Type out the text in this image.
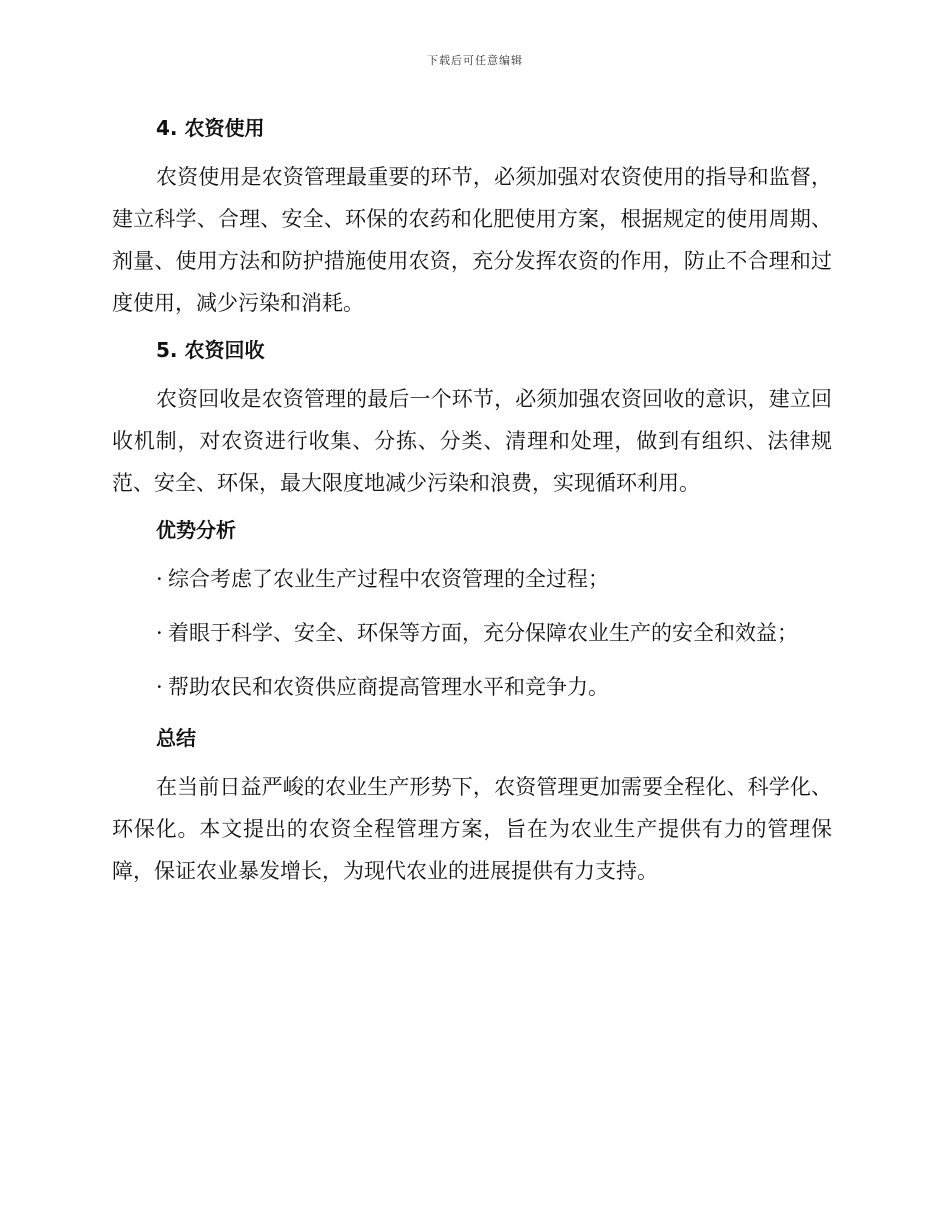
下载后可任意编辑
4. 农资使用

农资使用是农资管理最重要的环节，必须加强对农资使用的指导和监督，建立科学、合理、安全、环保的农药和化肥使用方案，根据规定的使用周期、剂量、使用方法和防护措施使用农资，充分发挥农资的作用，防止不合理和过度使用，减少污染和消耗。

5. 农资回收

农资回收是农资管理的最后一个环节，必须加强农资回收的意识，建立回收机制，对农资进行收集、分拣、分类、清理和处理，做到有组织、法律规范、安全、环保，最大限度地减少污染和浪费，实现循环利用。

优势分析
· 综合考虑了农业生产过程中农资管理的全过程；
· 着眼于科学、安全、环保等方面，充分保障农业生产的安全和效益；
· 帮助农民和农资供应商提高管理水平和竞争力。
总结

在当前日益严峻的农业生产形势下，农资管理更加需要全程化、科学化、环保化。本文提出的农资全程管理方案，旨在为农业生产提供有力的管理保障，保证农业暴发增长，为现代农业的进展提供有力支持。
